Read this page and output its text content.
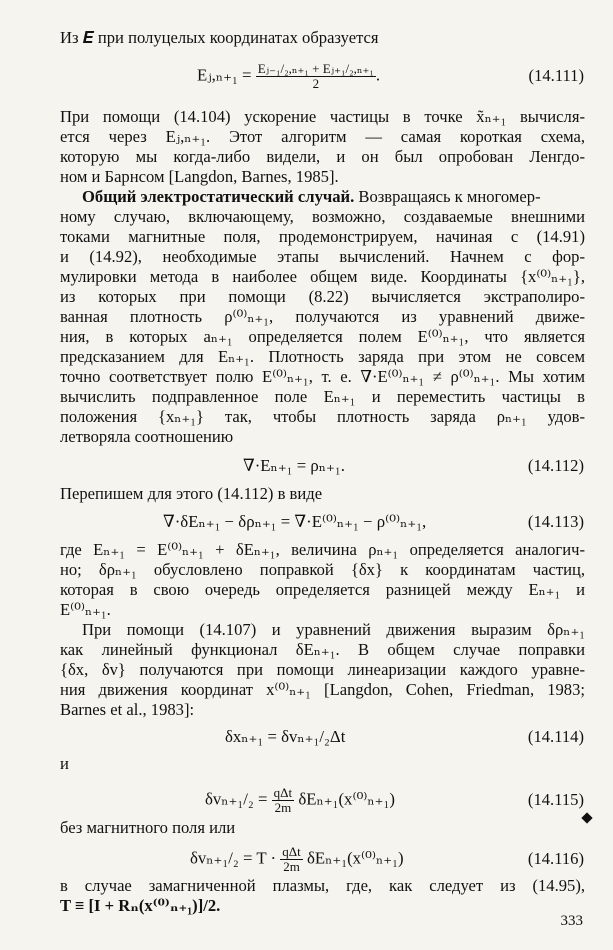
Из 𝑬 при полуцелых координатах образуется
Eⱼ,ₙ₊₁ = $\frac{\text{Eⱼ₋₁/₂,ₙ₊₁ + Eⱼ₊₁/₂,ₙ₊₁}}{2}$ .	(14.111)
При помощи (14.104) ускорение частицы в точке x̃ₙ₊₁ вычисля-
ется через Eⱼ,ₙ₊₁. Этот алгоритм — самая короткая схема,
которую мы когда-либо видели, и он был опробован Ленгдо-
ном и Барнсом [Langdon, Barnes, 1985].
Общий электростатический случай. Возвращаясь к многомер-
ному случаю, включающему, возможно, создаваемые внешними
токами магнитные поля, продемонстрируем, начиная с (14.91)
и (14.92), необходимые этапы вычислений. Начнем с фор-
мулировки метода в наиболее общем виде. Координаты {x⁽⁰⁾ₙ₊₁},
из которых при помощи (8.22) вычисляется экстраполиро-
ванная плотность ρ⁽⁰⁾ₙ₊₁, получаются из уравнений движе-
ния, в которых aₙ₊₁ определяется полем E⁽⁰⁾ₙ₊₁, что является
предсказанием для Eₙ₊₁. Плотность заряда при этом не совсем
точно соответствует полю E⁽⁰⁾ₙ₊₁, т. е. ∇·E⁽⁰⁾ₙ₊₁ ≠ ρ⁽⁰⁾ₙ₊₁. Мы хотим
вычислить подправленное поле Eₙ₊₁ и переместить частицы в
положения {xₙ₊₁} так, чтобы плотность заряда ρₙ₊₁ удов-
летворяла соотношению
∇·Eₙ₊₁ = ρₙ₊₁.	(14.112)
Перепишем для этого (14.112) в виде
∇·δEₙ₊₁ − δρₙ₊₁ = ∇·E⁽⁰⁾ₙ₊₁ − ρ⁽⁰⁾ₙ₊₁,	(14.113)
где Eₙ₊₁ = E⁽⁰⁾ₙ₊₁ + δEₙ₊₁, величина ρₙ₊₁ определяется аналогич-
но; δρₙ₊₁ обусловлено поправкой {δx} к координатам частиц,
которая в свою очередь определяется разницей между Eₙ₊₁ и
E⁽⁰⁾ₙ₊₁.
При помощи (14.107) и уравнений движения выразим δρₙ₊₁
как линейный функционал δEₙ₊₁. В общем случае поправки
{δx, δv} получаются при помощи линеаризации каждого уравне-
ния движения координат x⁽⁰⁾ₙ₊₁ [Langdon, Cohen, Friedman, 1983;
Barnes et al., 1983]:
δxₙ₊₁ = δvₙ₊₁/₂Δt	(14.114)
и
$\delta v_{n+1}/_2 = \frac{\text{qΔt}}{2m} \delta E_{n+1}(x^{(0)}_{n+1})$	(14.115)
без магнитного поля или
$\delta v_{n+1}/_2 = T \cdot \frac{\text{qΔt}}{2m} \delta E_{n+1}(x^{(0)}_{n+1})$	(14.116)
в случае замагниченной плазмы, где, как следует из (14.95),
T ≡ [I + Rₙ(x⁽⁰⁾ₙ₊₁)]/2.
333
